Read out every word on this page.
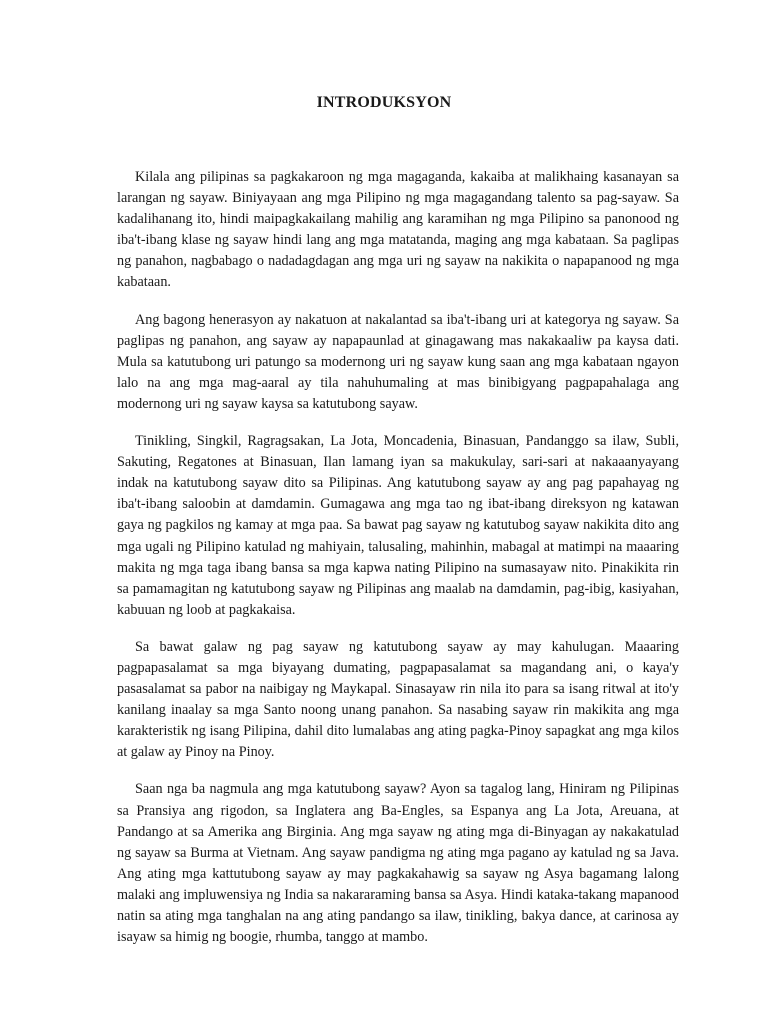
INTRODUKSYON

Kilala ang pilipinas sa pagkakaroon ng mga magaganda, kakaiba at malikhaing kasanayan sa larangan ng sayaw. Biniyayaan ang mga Pilipino ng mga magagandang talento sa pag-sayaw. Sa kadalihanang ito, hindi maipagkakailang mahilig ang karamihan ng mga Pilipino sa panonood ng iba't-ibang klase ng sayaw hindi lang ang mga matatanda, maging ang mga kabataan. Sa paglipas ng panahon, nagbabago o nadadagdagan ang mga uri ng sayaw na nakikita o napapanood ng mga kabataan.

Ang bagong henerasyon ay nakatuon at nakalantad sa iba't-ibang uri at kategorya ng sayaw. Sa paglipas ng panahon, ang sayaw ay napapaunlad at ginagawang mas nakakaaliw pa kaysa dati. Mula sa katutubong uri patungo sa modernong uri ng sayaw kung saan ang mga kabataan ngayon lalo na ang mga mag-aaral ay tila nahuhumaling at mas binibigyang pagpapahalaga ang modernong uri ng sayaw kaysa sa katutubong sayaw.

Tinikling, Singkil, Ragragsakan, La Jota, Moncadenia, Binasuan, Pandanggo sa ilaw, Subli, Sakuting, Regatones at Binasuan, Ilan lamang iyan sa makukulay, sari-sari at nakaaanyayang indak na katutubong sayaw dito sa Pilipinas. Ang katutubong sayaw ay ang pag papahayag ng iba't-ibang saloobin at damdamin. Gumagawa ang mga tao ng ibat-ibang direksyon ng katawan gaya ng pagkilos ng kamay at mga paa. Sa bawat pag sayaw ng katutubog sayaw nakikita dito ang mga ugali ng Pilipino katulad ng mahiyain, talusaling, mahinhin, mabagal at matimpi na maaaring makita ng mga taga ibang bansa sa mga kapwa nating Pilipino na sumasayaw nito. Pinakikita rin sa pamamagitan ng katutubong sayaw ng Pilipinas ang maalab na damdamin, pag-ibig, kasiyahan, kabuuan ng loob at pagkakaisa.

Sa bawat galaw ng pag sayaw ng katutubong sayaw ay may kahulugan. Maaaring pagpapasalamat sa mga biyayang dumating, pagpapasalamat sa magandang ani, o kaya'y pasasalamat sa pabor na naibigay ng Maykapal. Sinasayaw rin nila ito para sa isang ritwal at ito'y kanilang inaalay sa mga Santo noong unang panahon. Sa nasabing sayaw rin makikita ang mga karakteristik ng isang Pilipina, dahil dito lumalabas ang ating pagka-Pinoy sapagkat ang mga kilos at galaw ay Pinoy na Pinoy.

Saan nga ba nagmula ang mga katutubong sayaw? Ayon sa tagalog lang, Hiniram ng Pilipinas sa Pransiya ang rigodon, sa Inglatera ang Ba-Engles, sa Espanya ang La Jota, Areuana, at Pandango at sa Amerika ang Birginia. Ang mga sayaw ng ating mga di-Binyagan ay nakakatulad ng sayaw sa Burma at Vietnam. Ang sayaw pandigma ng ating mga pagano ay katulad ng sa Java. Ang ating mga kattutubong sayaw ay may pagkakahawig sa sayaw ng Asya bagamang lalong malaki ang impluwensiya ng India sa nakararaming bansa sa Asya. Hindi kataka-takang mapanood natin sa ating mga tanghalan na ang ating pandango sa ilaw, tinikling, bakya dance, at carinosa ay isayaw sa himig ng boogie, rhumba, tanggo at mambo.
